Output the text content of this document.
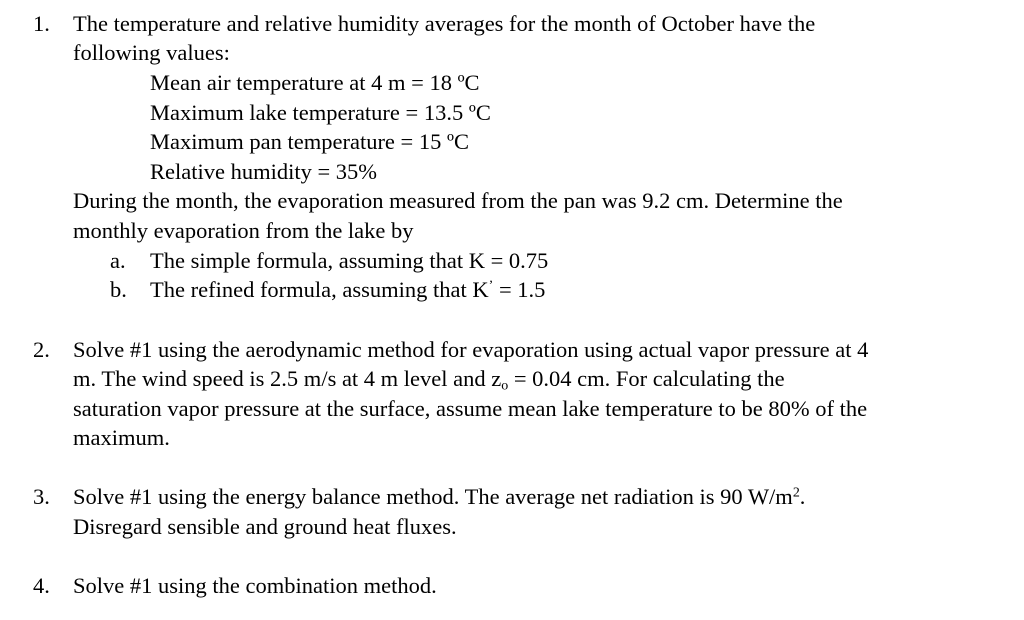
1. The temperature and relative humidity averages for the month of October have the
following values:
Mean air temperature at 4 m = 18 ºC
Maximum lake temperature = 13.5 ºC
Maximum pan temperature = 15 ºC
Relative humidity = 35%
During the month, the evaporation measured from the pan was 9.2 cm. Determine the
monthly evaporation from the lake by
a. The simple formula, assuming that K = 0.75
b. The refined formula, assuming that K’ = 1.5
2. Solve #1 using the aerodynamic method for evaporation using actual vapor pressure at 4
m. The wind speed is 2.5 m/s at 4 m level and $z_o = 0.04$ cm. For calculating the
saturation vapor pressure at the surface, assume mean lake temperature to be 80% of the
maximum.
3. Solve #1 using the energy balance method. The average net radiation is 90 $W/m^2$.
Disregard sensible and ground heat fluxes.
4. Solve #1 using the combination method.
